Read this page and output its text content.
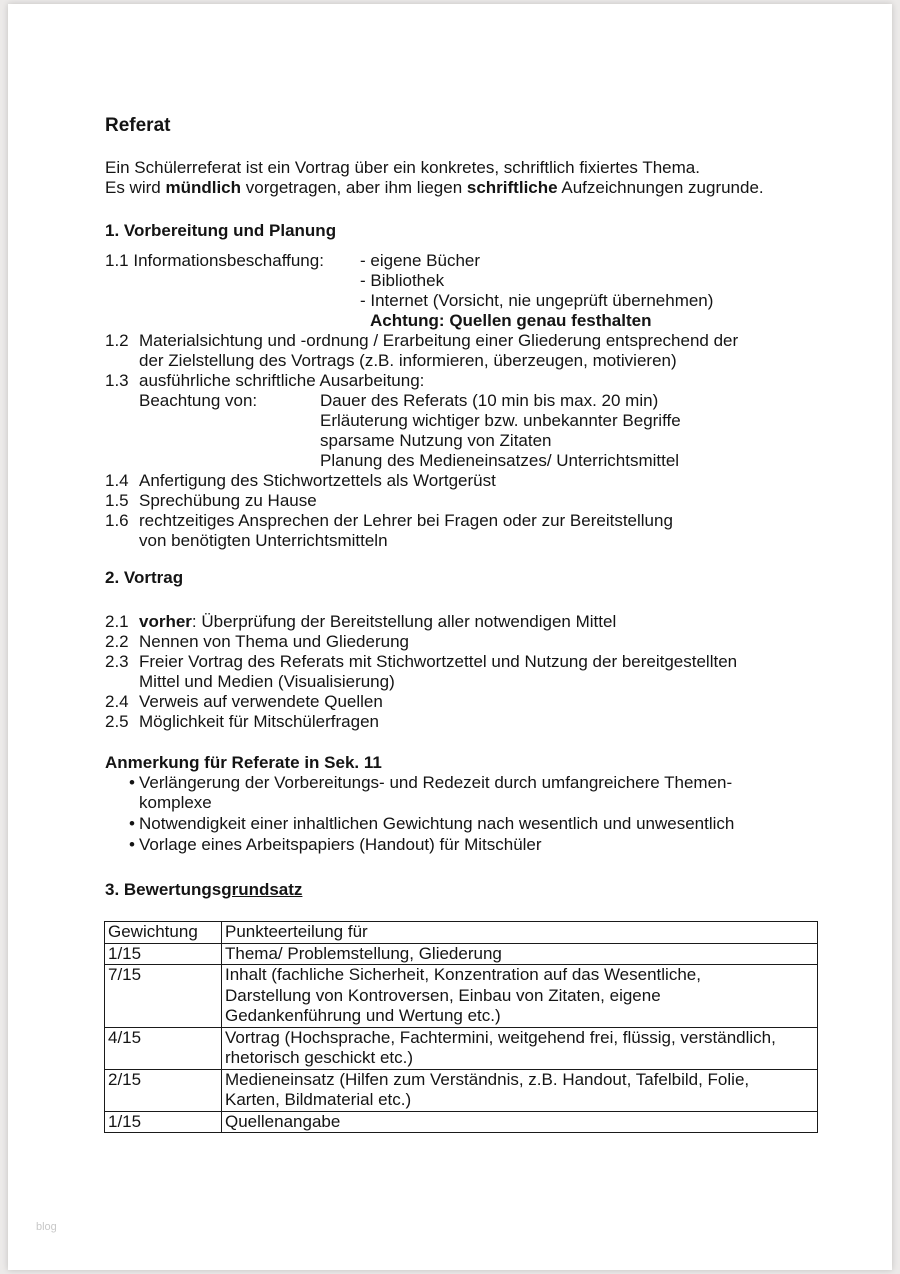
Referat
Ein Schülerreferat ist ein Vortrag über ein konkretes, schriftlich fixiertes Thema.
Es wird mündlich vorgetragen, aber ihm liegen schriftliche Aufzeichnungen zugrunde.
1. Vorbereitung und Planung
1.1 Informationsbeschaffung: - eigene Bücher
- Bibliothek
- Internet (Vorsicht, nie ungeprüft übernehmen)
Achtung: Quellen genau festhalten
1.2 Materialsichtung und -ordnung / Erarbeitung einer Gliederung entsprechend der
der Zielstellung des Vortrags (z.B. informieren, überzeugen, motivieren)
1.3 ausführliche schriftliche Ausarbeitung:
Beachtung von:	Dauer des Referats (10 min bis max. 20 min)
Erläuterung wichtiger bzw. unbekannter Begriffe
sparsame Nutzung von Zitaten
Planung des Medieneinsatzes/ Unterrichtsmittel
1.4 Anfertigung des Stichwortzettels als Wortgerüst
1.5 Sprechübung zu Hause
1.6 rechtzeitiges Ansprechen der Lehrer bei Fragen oder zur Bereitstellung
von benötigten Unterrichtsmitteln
2. Vortrag
2.1 vorher: Überprüfung der Bereitstellung aller notwendigen Mittel
2.2 Nennen von Thema und Gliederung
2.3 Freier Vortrag des Referats mit Stichwortzettel und Nutzung der bereitgestellten
Mittel und Medien (Visualisierung)
2.4 Verweis auf verwendete Quellen
2.5 Möglichkeit für Mitschülerfragen
Anmerkung für Referate in Sek. 11
• Verlängerung der Vorbereitungs- und Redezeit durch umfangreichere Themen-
komplexe
• Notwendigkeit einer inhaltlichen Gewichtung nach wesentlich und unwesentlich
• Vorlage eines Arbeitspapiers (Handout) für Mitschüler
3. Bewertungsgrundsatz
Gewichtung	Punkteerteilung für
1/15	Thema/ Problemstellung, Gliederung

7/15	Inhalt (fachliche Sicherheit, Konzentration auf das Wesentliche,
Darstellung von Kontroversen, Einbau von Zitaten, eigene
Gedankenführung und Wertung etc.)

4/15	Vortrag (Hochsprache, Fachtermini, weitgehend frei, flüssig, verständlich,
rhetorisch geschickt etc.)

2/15	Medieneinsatz (Hilfen zum Verständnis, z.B. Handout, Tafelbild, Folie,
Karten, Bildmaterial etc.)

1/15	Quellenangabe
blog
